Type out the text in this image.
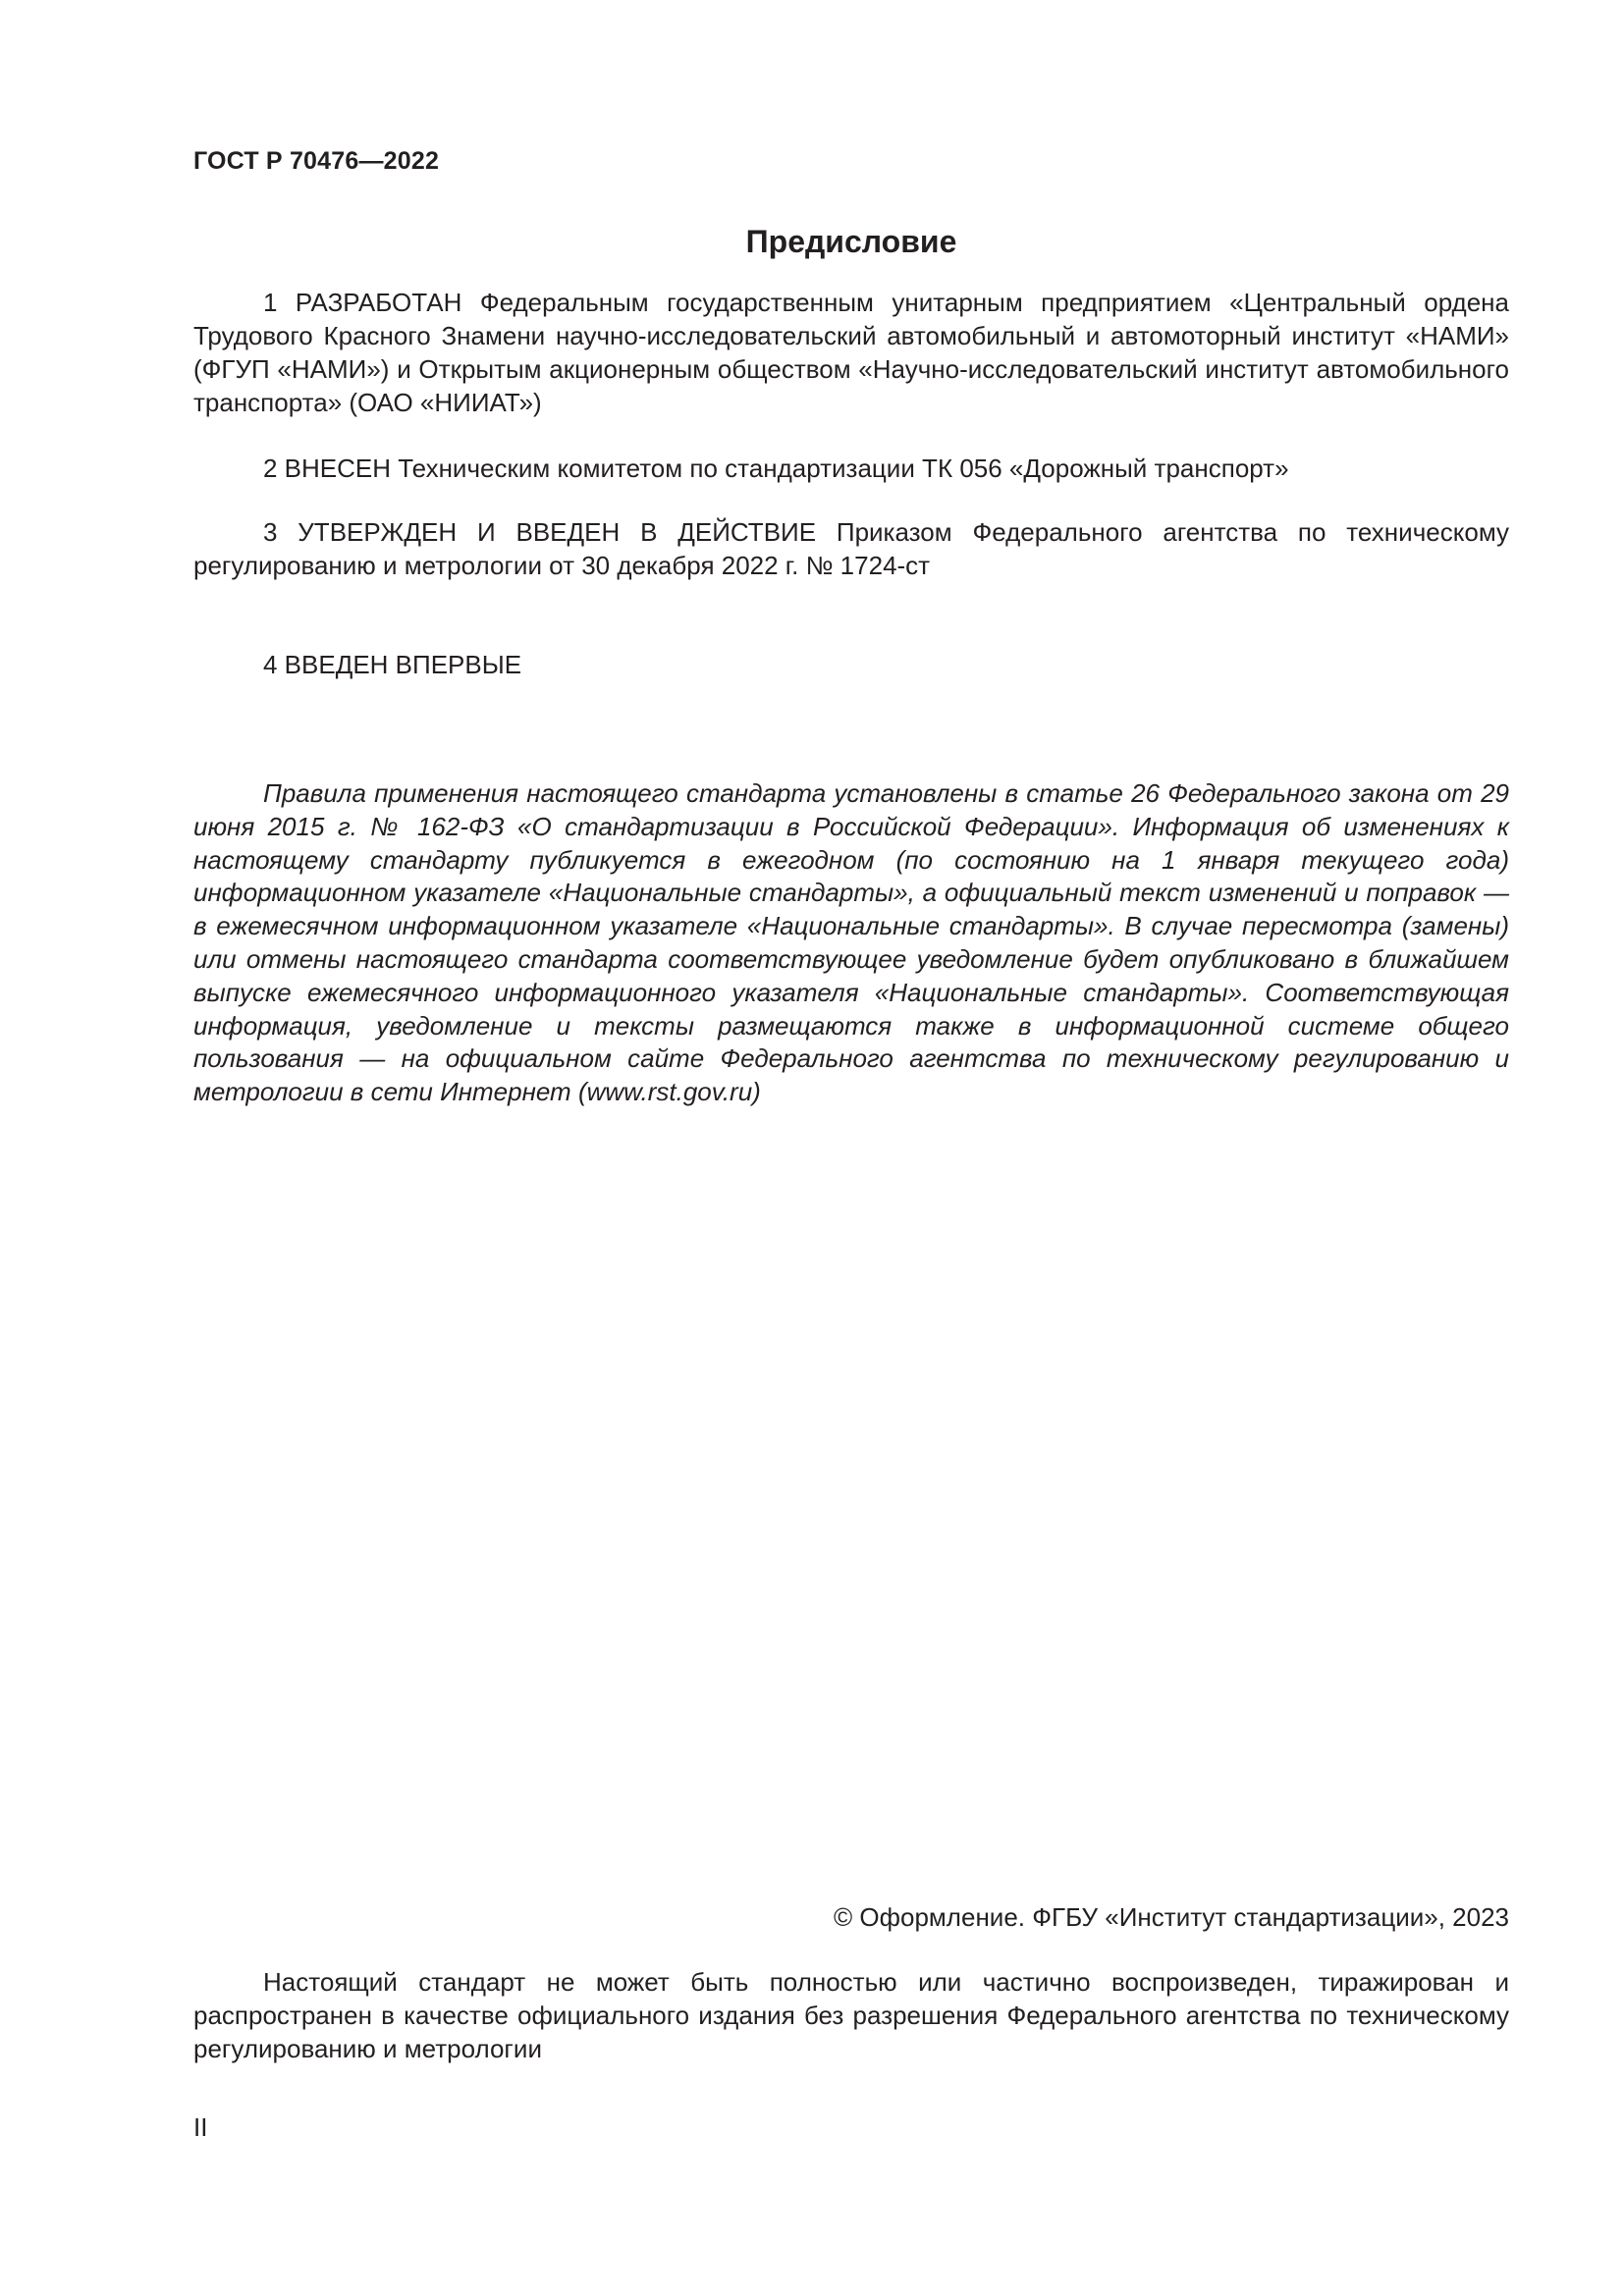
ГОСТ Р 70476—2022
Предисловие

1 РАЗРАБОТАН Федеральным государственным унитарным предприятием «Центральный ордена Трудового Красного Знамени научно-исследовательский автомобильный и автомоторный институт «НАМИ» (ФГУП «НАМИ») и Открытым акционерным обществом «Научно-исследовательский институт автомобильного транспорта» (ОАО «НИИАТ»)

2 ВНЕСЕН Техническим комитетом по стандартизации ТК 056 «Дорожный транспорт»

3 УТВЕРЖДЕН И ВВЕДЕН В ДЕЙСТВИЕ Приказом Федерального агентства по техническому регулированию и метрологии от 30 декабря 2022 г. № 1724-ст

4 ВВЕДЕН ВПЕРВЫЕ

Правила применения настоящего стандарта установлены в статье 26 Федерального закона от 29 июня 2015 г. № 162-ФЗ «О стандартизации в Российской Федерации». Информация об изменениях к настоящему стандарту публикуется в ежегодном (по состоянию на 1 января текущего года) информационном указателе «Национальные стандарты», а официальный текст изменений и поправок — в ежемесячном информационном указателе «Национальные стандарты». В случае пересмотра (замены) или отмены настоящего стандарта соответствующее уведомление будет опубликовано в ближайшем выпуске ежемесячного информационного указателя «Национальные стандарты». Соответствующая информация, уведомление и тексты размещаются также в информационной системе общего пользования — на официальном сайте Федерального агентства по техническому регулированию и метрологии в сети Интернет (www.rst.gov.ru)

© Оформление. ФГБУ «Институт стандартизации», 2023

Настоящий стандарт не может быть полностью или частично воспроизведен, тиражирован и распространен в качестве официального издания без разрешения Федерального агентства по техническому регулированию и метрологии

II
